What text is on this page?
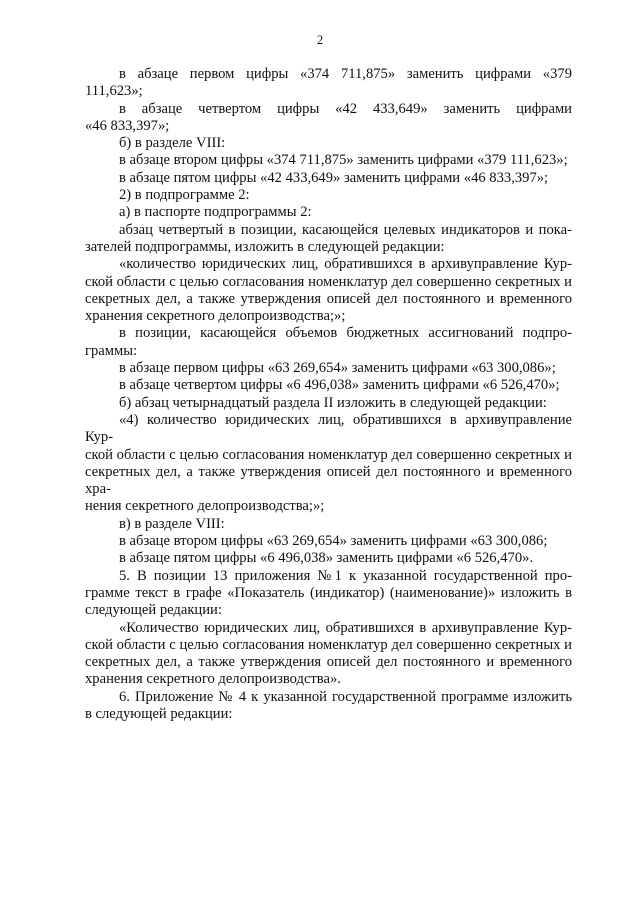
2

в абзаце первом цифры «374 711,875» заменить цифрами «379

111,623»;

в абзаце четвертом цифры «42 433,649» заменить цифрами

«46 833,397»;

б) в разделе VIII:

в абзаце втором цифры «374 711,875» заменить цифрами «379 111,623»;

в абзаце пятом цифры «42 433,649» заменить цифрами «46 833,397»;

2) в подпрограмме 2:

а) в паспорте подпрограммы 2:

абзац четвертый в позиции, касающейся целевых индикаторов и пока-

зателей подпрограммы, изложить в следующей редакции:

«количество юридических лиц, обратившихся в архивуправление Кур-

ской области с целью согласования номенклатур дел совершенно секретных и

секретных дел, а также утверждения описей дел постоянного и временного

хранения секретного делопроизводства;»;

в позиции, касающейся объемов бюджетных ассигнований подпро-

граммы:

в абзаце первом цифры «63 269,654» заменить цифрами «63 300,086»;

в абзаце четвертом цифры «6 496,038» заменить цифрами «6 526,470»;

б) абзац четырнадцатый раздела II изложить в следующей редакции:

«4) количество юридических лиц, обратившихся в архивуправление Кур-

ской области с целью согласования номенклатур дел совершенно секретных и

секретных дел, а также утверждения описей дел постоянного и временного хра-

нения секретного делопроизводства;»;

в) в разделе VIII:

в абзаце втором цифры «63 269,654» заменить цифрами «63 300,086;

в абзаце пятом цифры «6 496,038» заменить цифрами «6 526,470».

5. В позиции 13 приложения №1 к указанной государственной про-

грамме текст в графе «Показатель (индикатор) (наименование)» изложить в

следующей редакции:

«Количество юридических лиц, обратившихся в архивуправление Кур-

ской области с целью согласования номенклатур дел совершенно секретных и

секретных дел, а также утверждения описей дел постоянного и временного

хранения секретного делопроизводства».

6. Приложение № 4 к указанной государственной программе изложить

в следующей редакции:
